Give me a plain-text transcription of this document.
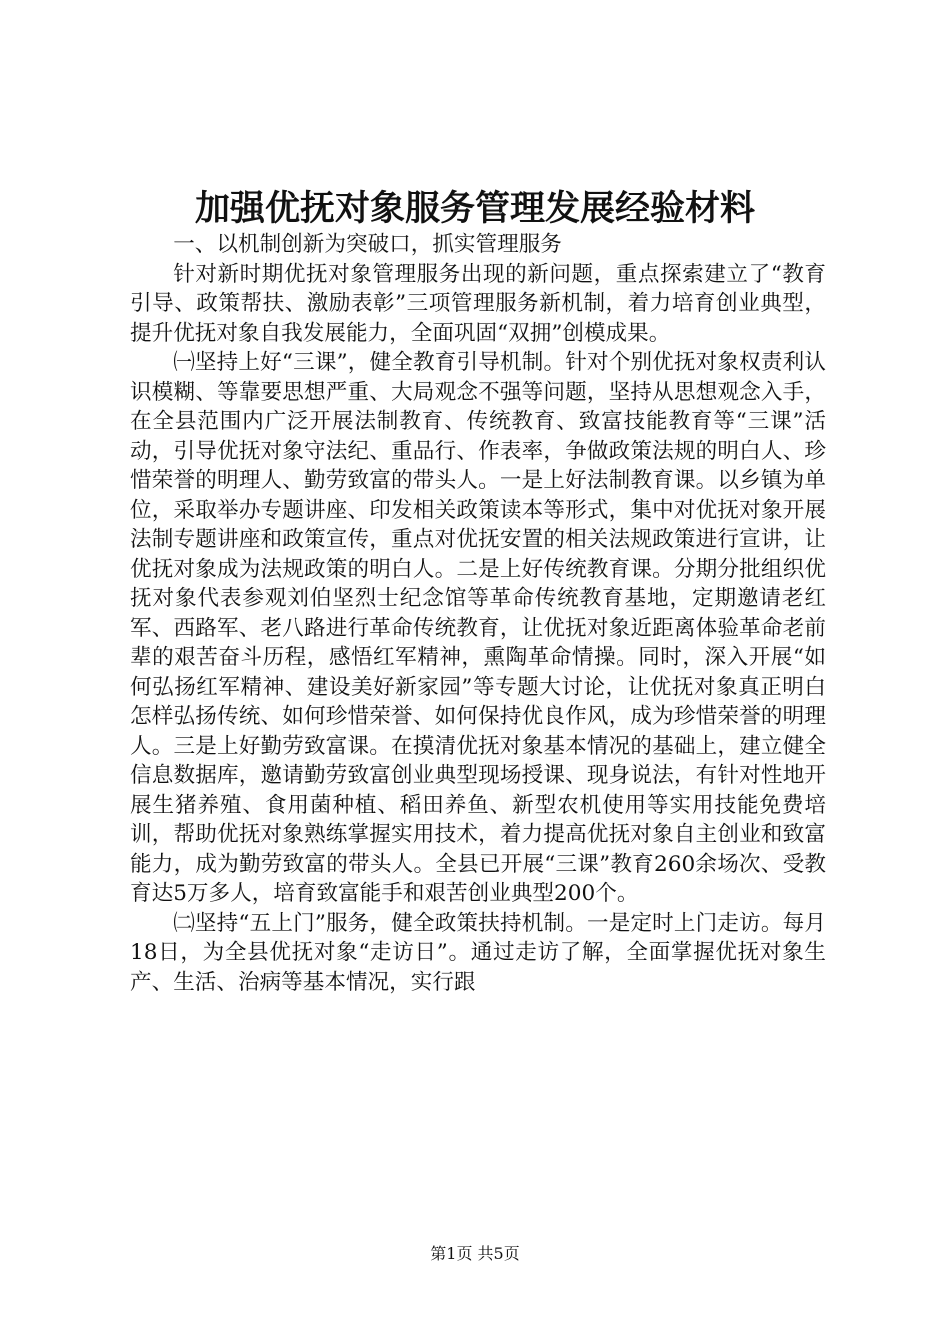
加强优抚对象服务管理发展经验材料

一、以机制创新为突破口，抓实管理服务

针对新时期优抚对象管理服务出现的新问题，重点探索建立了“教育引导、政策帮扶、激励表彰”三项管理服务新机制，着力培育创业典型，提升优抚对象自我发展能力，全面巩固“双拥”创模成果。

㈠坚持上好“三课”，健全教育引导机制。针对个别优抚对象权责利认识模糊、等靠要思想严重、大局观念不强等问题，坚持从思想观念入手，在全县范围内广泛开展法制教育、传统教育、致富技能教育等“三课”活动，引导优抚对象守法纪、重品行、作表率，争做政策法规的明白人、珍惜荣誉的明理人、勤劳致富的带头人。一是上好法制教育课。以乡镇为单位，采取举办专题讲座、印发相关政策读本等形式，集中对优抚对象开展法制专题讲座和政策宣传，重点对优抚安置的相关法规政策进行宣讲，让优抚对象成为法规政策的明白人。二是上好传统教育课。分期分批组织优抚对象代表参观刘伯坚烈士纪念馆等革命传统教育基地，定期邀请老红军、西路军、老八路进行革命传统教育，让优抚对象近距离体验革命老前辈的艰苦奋斗历程，感悟红军精神，熏陶革命情操。同时，深入开展“如何弘扬红军精神、建设美好新家园”等专题大讨论，让优抚对象真正明白怎样弘扬传统、如何珍惜荣誉、如何保持优良作风，成为珍惜荣誉的明理人。三是上好勤劳致富课。在摸清优抚对象基本情况的基础上，建立健全信息数据库，邀请勤劳致富创业典型现场授课、现身说法，有针对性地开展生猪养殖、食用菌种植、稻田养鱼、新型农机使用等实用技能免费培训，帮助优抚对象熟练掌握实用技术，着力提高优抚对象自主创业和致富能力，成为勤劳致富的带头人。全县已开展“三课”教育260余场次、受教育达5万多人，培育致富能手和艰苦创业典型200个。

㈡坚持“五上门”服务，健全政策扶持机制。一是定时上门走访。每月18日，为全县优抚对象“走访日”。通过走访了解，全面掌握优抚对象生产、生活、治病等基本情况，实行跟

第1页 共5页
